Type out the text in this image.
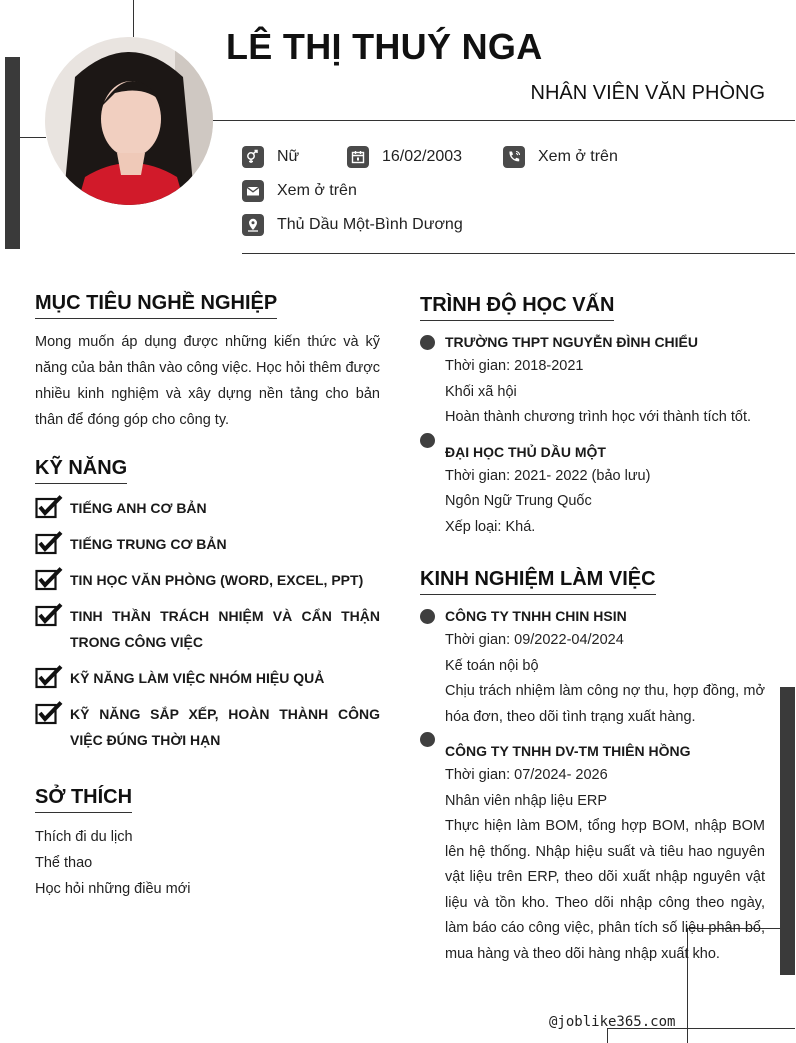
LÊ THỊ THUÝ NGA
NHÂN VIÊN VĂN PHÒNG
Nữ	16/02/2003	Xem ở trên
Xem ở trên
Thủ Dầu Một-Bình Dương
MỤC TIÊU NGHỀ NGHIỆP
Mong muốn áp dụng được những kiến thức và kỹ năng của bản thân vào công việc. Học hỏi thêm được nhiều kinh nghiệm và xây dựng nền tảng cho bản thân để đóng góp cho công ty.
KỸ NĂNG
TIẾNG ANH CƠ BẢN
TIẾNG TRUNG CƠ BẢN
TIN HỌC VĂN PHÒNG (WORD, EXCEL, PPT)
TINH THẦN TRÁCH NHIỆM VÀ CẨN THẬN TRONG CÔNG VIỆC
KỸ NĂNG LÀM VIỆC NHÓM HIỆU QUẢ
KỸ NĂNG SẮP XẾP, HOÀN THÀNH CÔNG VIỆC ĐÚNG THỜI HẠN
SỞ THÍCH
Thích đi du lịch
Thể thao
Học hỏi những điều mới
TRÌNH ĐỘ HỌC VẤN
TRƯỜNG THPT NGUYỄN ĐÌNH CHIỂU
Thời gian: 2018-2021
Khối xã hội
Hoàn thành chương trình học với thành tích tốt.
ĐẠI HỌC THỦ DẦU MỘT
Thời gian: 2021- 2022 (bảo lưu)
Ngôn Ngữ Trung Quốc
Xếp loại: Khá.
KINH NGHIỆM LÀM VIỆC
CÔNG TY TNHH CHIN HSIN
Thời gian: 09/2022-04/2024
Kế toán nội bộ
Chịu trách nhiệm làm công nợ thu, hợp đồng, mở hóa đơn, theo dõi tình trạng xuất hàng.
CÔNG TY TNHH DV-TM THIÊN HỒNG
Thời gian: 07/2024- 2026
Nhân viên nhập liệu ERP
Thực hiện làm BOM, tổng hợp BOM, nhập BOM lên hệ thống. Nhập hiệu suất và tiêu hao nguyên vật liệu trên ERP, theo dõi xuất nhập nguyên vật liệu và tồn kho. Theo dõi nhập công theo ngày, làm báo cáo công việc, phân tích số liệu phân bổ, mua hàng và theo dõi hàng nhập xuất kho.
@joblike365.com
